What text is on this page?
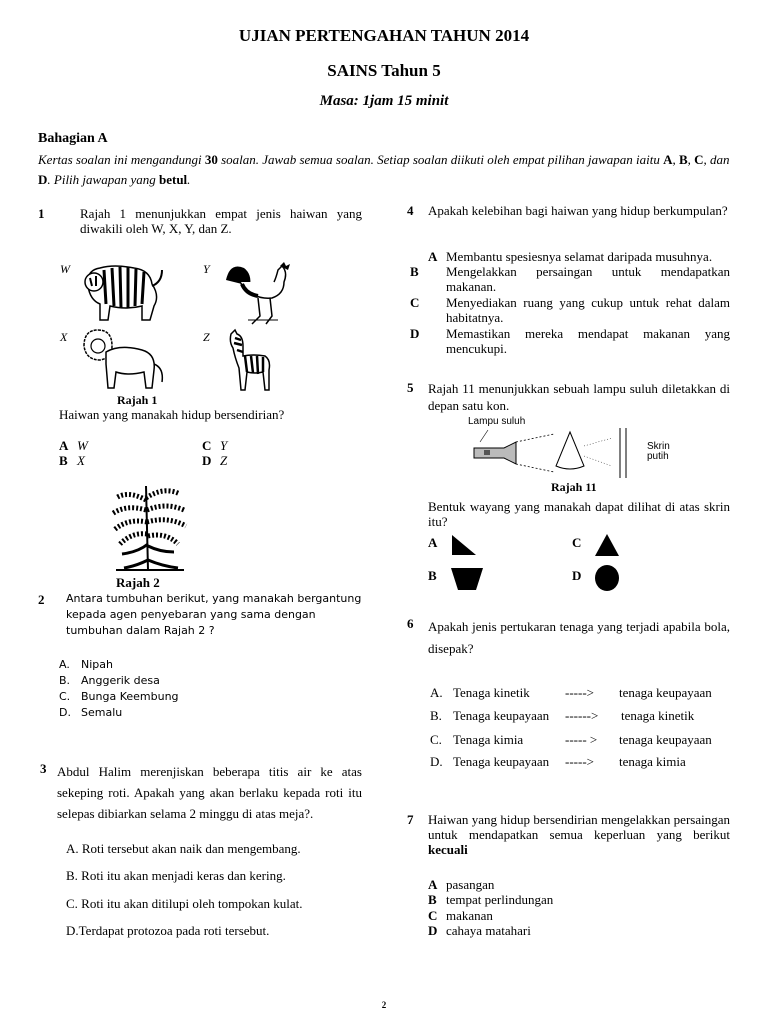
UJIAN PERTENGAHAN TAHUN 2014
SAINS Tahun 5
Masa: 1jam 15 minit
Bahagian A
Kertas soalan ini mengandungi 30 soalan. Jawab semua soalan. Setiap soalan diikuti oleh empat pilihan jawapan iaitu A, B, C, dan D. Pilih jawapan yang betul.
1	Rajah 1 menunjukkan empat jenis haiwan yang diwakili oleh W, X, Y, dan Z.
W	Y
X	Z
Rajah 1
Haiwan yang manakah hidup bersendirian?
A W	C Y
B X	D Z
Rajah 2
2 Antara tumbuhan berikut, yang manakah bergantung kepada agen penyebaran yang sama dengan tumbuhan dalam Rajah 2 ?
A. Nipah
B. Anggerik desa
C. Bunga Keembung
D. Semalu
3 Abdul Halim merenjiskan beberapa titis air ke atas sekeping roti. Apakah yang akan berlaku kepada roti itu selepas dibiarkan selama 2 minggu di atas meja?.
A. Roti tersebut akan naik dan mengembang.
B. Roti itu akan menjadi keras dan kering.
C. Roti itu akan ditilupi oleh tompokan kulat.
D.Terdapat protozoa pada roti tersebut.
4 Apakah kelebihan bagi haiwan yang hidup berkumpulan?
A Membantu spesiesnya selamat daripada musuhnya.
B Mengelakkan persaingan untuk mendapatkan makanan.
C Menyediakan ruang yang cukup untuk rehat dalam habitatnya.
D Memastikan mereka mendapat makanan yang mencukupi.
5 Rajah 11 menunjukkan sebuah lampu suluh diletakkan di depan satu kon.
Lampu suluh
Skrin
putih
Rajah 11
Bentuk wayang yang manakah dapat dilihat di atas skrin itu?
A	C
B	D
6 Apakah jenis pertukaran tenaga yang terjadi apabila bola, disepak?
A. Tenaga kinetik	-----> tenaga keupayaan
B. Tenaga keupayaan ------> tenaga kinetik
C. Tenaga kimia	----- > tenaga keupayaan
D. Tenaga keupayaan -----> tenaga kimia
7 Haiwan yang hidup bersendirian mengelakkan persaingan untuk mendapatkan semua keperluan yang berikut kecuali
A pasangan
B tempat perlindungan
C makanan
D cahaya matahari
2
